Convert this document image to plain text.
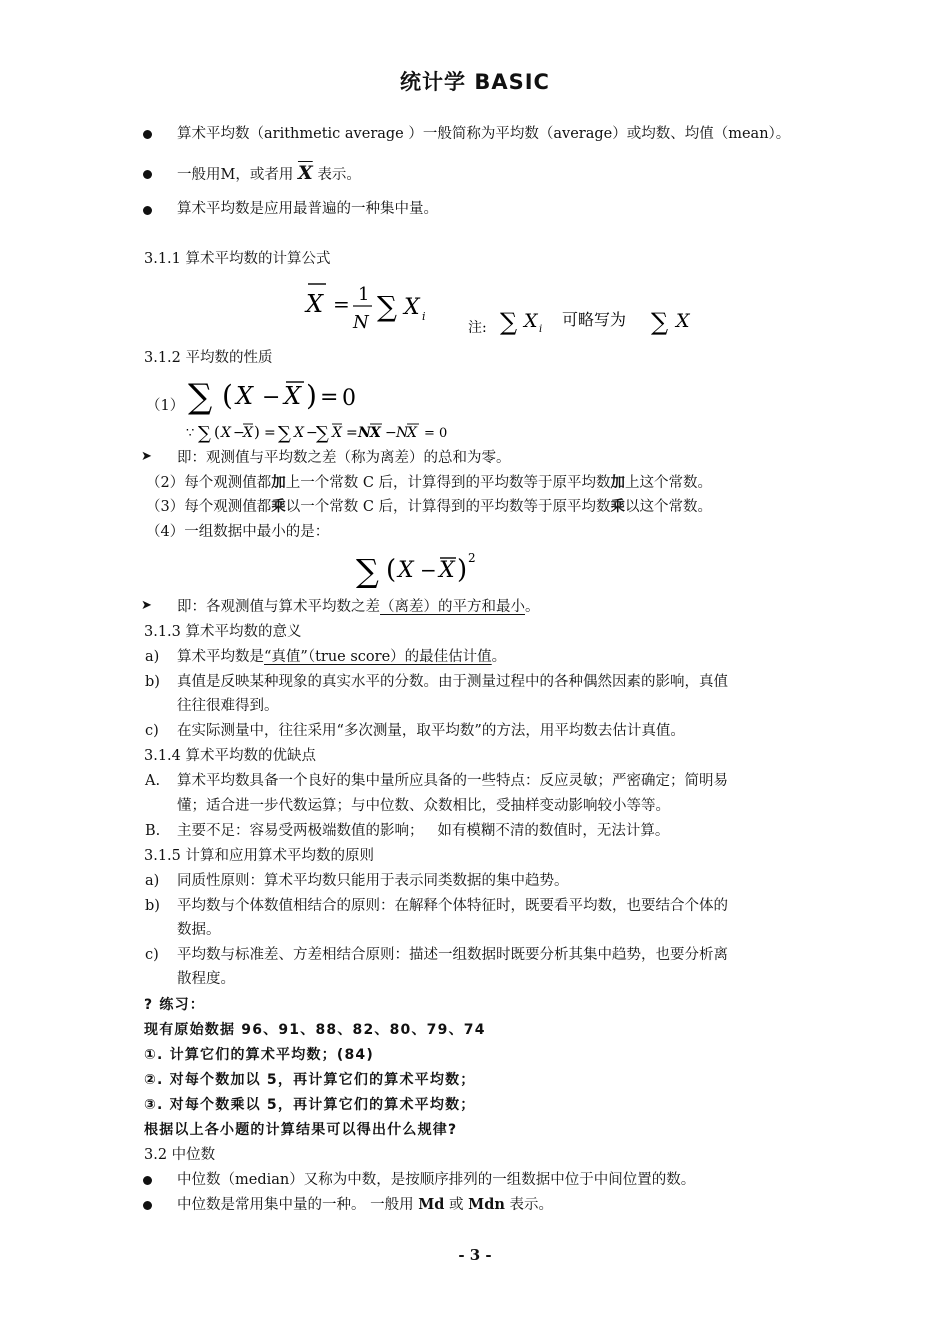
统计学 BASIC
算术平均数（arithmetic average ）一般简称为平均数（average）或均数、均值（mean）。
一般用M，或者用 $\overline{X}$ 表示。
算术平均数是应用最普遍的一种集中量。
3.1.1 算术平均数的计算公式
X = 1
N ∑ X i
注: ∑ X i
可略写为 ∑ X
3.1.2 平均数的性质
（1） ∑ ( X − X ) = 0
∵ ∑ ( X −
X ) = ∑ X −
∑ X = N X − N
X = 0
➤ 即：观测值与平均数之差（称为离差）的总和为零。
（2）每个观测值都加上一个常数 C 后，计算得到的平均数等于原平均数加上这个常数。
（3）每个观测值都乘以一个常数 C 后，计算得到的平均数等于原平均数乘以这个常数。
（4）一组数据中最小的是：
∑ ( X − X ) 2
➤ 即：各观测值与算术平均数之差（离差）的平方和最小。
3.1.3 算术平均数的意义
a) 算术平均数是“真值”（true score）的最佳估计值。
b) 真值是反映某种现象的真实水平的分数。由于测量过程中的各种偶然因素的影响，真值
往往很难得到。
c) 在实际测量中，往往采用“多次测量，取平均数”的方法，用平均数去估计真值。
3.1.4 算术平均数的优缺点
A. 算术平均数具备一个良好的集中量所应具备的一些特点：反应灵敏；严密确定；简明易
懂；适合进一步代数运算；与中位数、众数相比，受抽样变动影响较小等等。
B. 主要不足：容易受两极端数值的影响；   如有模糊不清的数值时，无法计算。
3.1.5 计算和应用算术平均数的原则
a) 同质性原则：算术平均数只能用于表示同类数据的集中趋势。
b) 平均数与个体数值相结合的原则：在解释个体特征时，既要看平均数，也要结合个体的
数据。
c) 平均数与标准差、方差相结合原则：描述一组数据时既要分析其集中趋势，也要分析离
散程度。
? 练习：
现有原始数据 96、91、88、82、80、79、74
①. 计算它们的算术平均数；(84)
②. 对每个数加以 5，再计算它们的算术平均数；
③. 对每个数乘以 5，再计算它们的算术平均数；
根据以上各小题的计算结果可以得出什么规律?
3.2 中位数
中位数（median）又称为中数，是按顺序排列的一组数据中位于中间位置的数。
中位数是常用集中量的一种。 一般用 Md 或 Mdn 表示。
- 3 -
